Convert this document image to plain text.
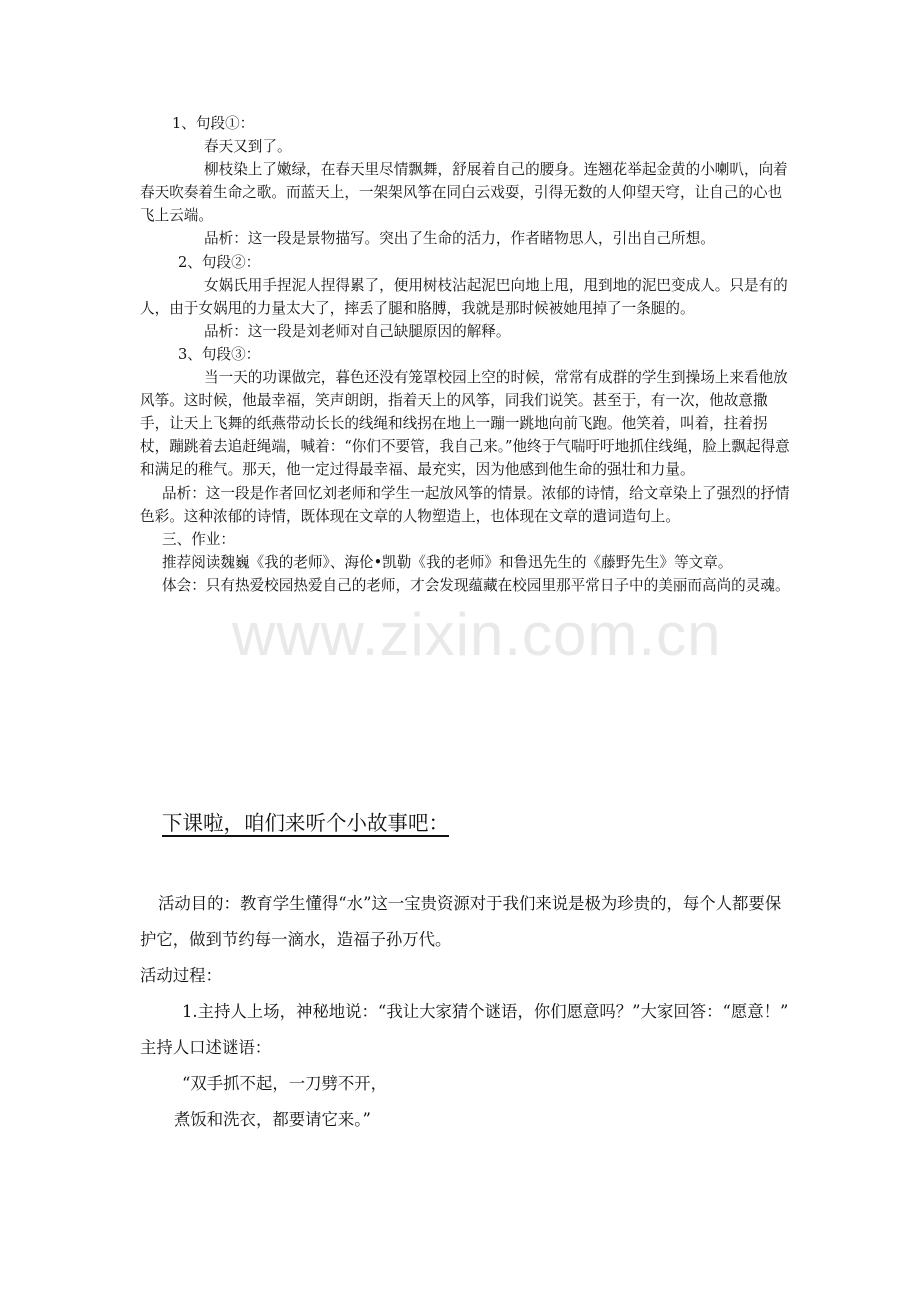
www.zixin.com.cn

1、句段①：

春天又到了。

柳枝染上了嫩绿，在春天里尽情飘舞，舒展着自己的腰身。连翘花举起金黄的小喇叭，向着春天吹奏着生命之歌。而蓝天上，一架架风筝在同白云戏耍，引得无数的人仰望天穹，让自己的心也飞上云端。

品析：这一段是景物描写。突出了生命的活力，作者睹物思人，引出自己所想。

2、句段②：

女娲氏用手捏泥人捏得累了，便用树枝沾起泥巴向地上甩，甩到地的泥巴变成人。只是有的人，由于女娲甩的力量太大了，摔丢了腿和胳膊，我就是那时候被她甩掉了一条腿的。

品析：这一段是刘老师对自己缺腿原因的解释。

3、句段③：

当一天的功课做完，暮色还没有笼罩校园上空的时候，常常有成群的学生到操场上来看他放风筝。这时候，他最幸福，笑声朗朗，指着天上的风筝，同我们说笑。甚至于，有一次，他故意撒手，让天上飞舞的纸燕带动长长的线绳和线拐在地上一蹦一跳地向前飞跑。他笑着，叫着，拄着拐杖，蹦跳着去追赶绳端，喊着：“你们不要管，我自己来。”他终于气喘吁吁地抓住线绳，脸上飘起得意和满足的稚气。那天，他一定过得最幸福、最充实，因为他感到他生命的强壮和力量。

品析：这一段是作者回忆刘老师和学生一起放风筝的情景。浓郁的诗情，给文章染上了强烈的抒情色彩。这种浓郁的诗情，既体现在文章的人物塑造上，也体现在文章的遣词造句上。

三、作业：

推荐阅读魏巍《我的老师》、海伦•凯勒《我的老师》和鲁迅先生的《藤野先生》等文章。

体会：只有热爱校园热爱自己的老师，才会发现蕴藏在校园里那平常日子中的美丽而高尚的灵魂。

下课啦，咱们来听个小故事吧：

活动目的：教育学生懂得“水”这一宝贵资源对于我们来说是极为珍贵的，每个人都要保护它，做到节约每一滴水，造福子孙万代。

活动过程：

1.主持人上场，神秘地说：“我让大家猜个谜语，你们愿意吗？”大家回答：“愿意！”

主持人口述谜语：

“双手抓不起，一刀劈不开，

煮饭和洗衣，都要请它来。”
